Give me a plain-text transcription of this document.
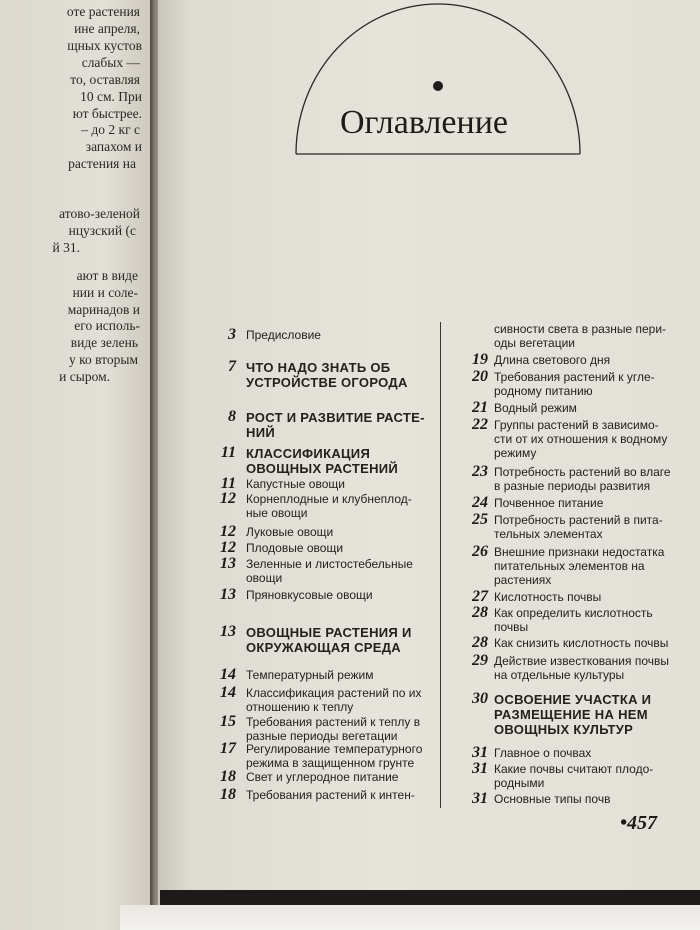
оте растения
ине апреля,
щных кустов
слабых —
то, оставляя
10 см. При
ют быстрее.
– до 2 кг с
запахом и
растения на
атово-зеленой
нцузский (с
й 31.
ают в виде
нии и соле-
маринадов и
его исполь-
виде зелень
у ко вторым
и сыром.
Оглавление
3 Предисловие
7 ЧТО НАДО ЗНАТЬ ОБ
УСТРОЙСТВЕ ОГОРОДА
8 РОСТ И РАЗВИТИЕ РАСТЕ-
НИЙ
11 КЛАССИФИКАЦИЯ
ОВОЩНЫХ РАСТЕНИЙ
11 Капустные овощи
12 Корнеплодные и клубнеплод-
ные овощи
12 Луковые овощи
12 Плодовые овощи
13 Зеленные и листостебельные
овощи
13 Пряновкусовые овощи
13 ОВОЩНЫЕ РАСТЕНИЯ И
ОКРУЖАЮЩАЯ СРЕДА
14 Температурный режим
14 Классификация растений по их
отношению к теплу
15 Требования растений к теплу в
разные периоды вегетации
17 Регулирование температурного
режима в защищенном грунте
18 Свет и углеродное питание
18 Требования растений к интен-
сивности света в разные пери-
оды вегетации
19 Длина светового дня
20 Требования растений к угле-
родному питанию
21 Водный режим
22 Группы растений в зависимо-
сти от их отношения к водному
режиму
23 Потребность растений во влаге
в разные периоды развития
24 Почвенное питание
25 Потребность растений в пита-
тельных элементах
26 Внешние признаки недостатка
питательных элементов на
растениях
27 Кислотность почвы
28 Как определить кислотность
почвы
28 Как снизить кислотность почвы
29 Действие известкования почвы
на отдельные культуры
30 ОСВОЕНИЕ УЧАСТКА И
РАЗМЕЩЕНИЕ НА НЕМ
ОВОЩНЫХ КУЛЬТУР
31 Главное о почвах
31 Какие почвы считают плодо-
родными
31 Основные типы почв
•457
